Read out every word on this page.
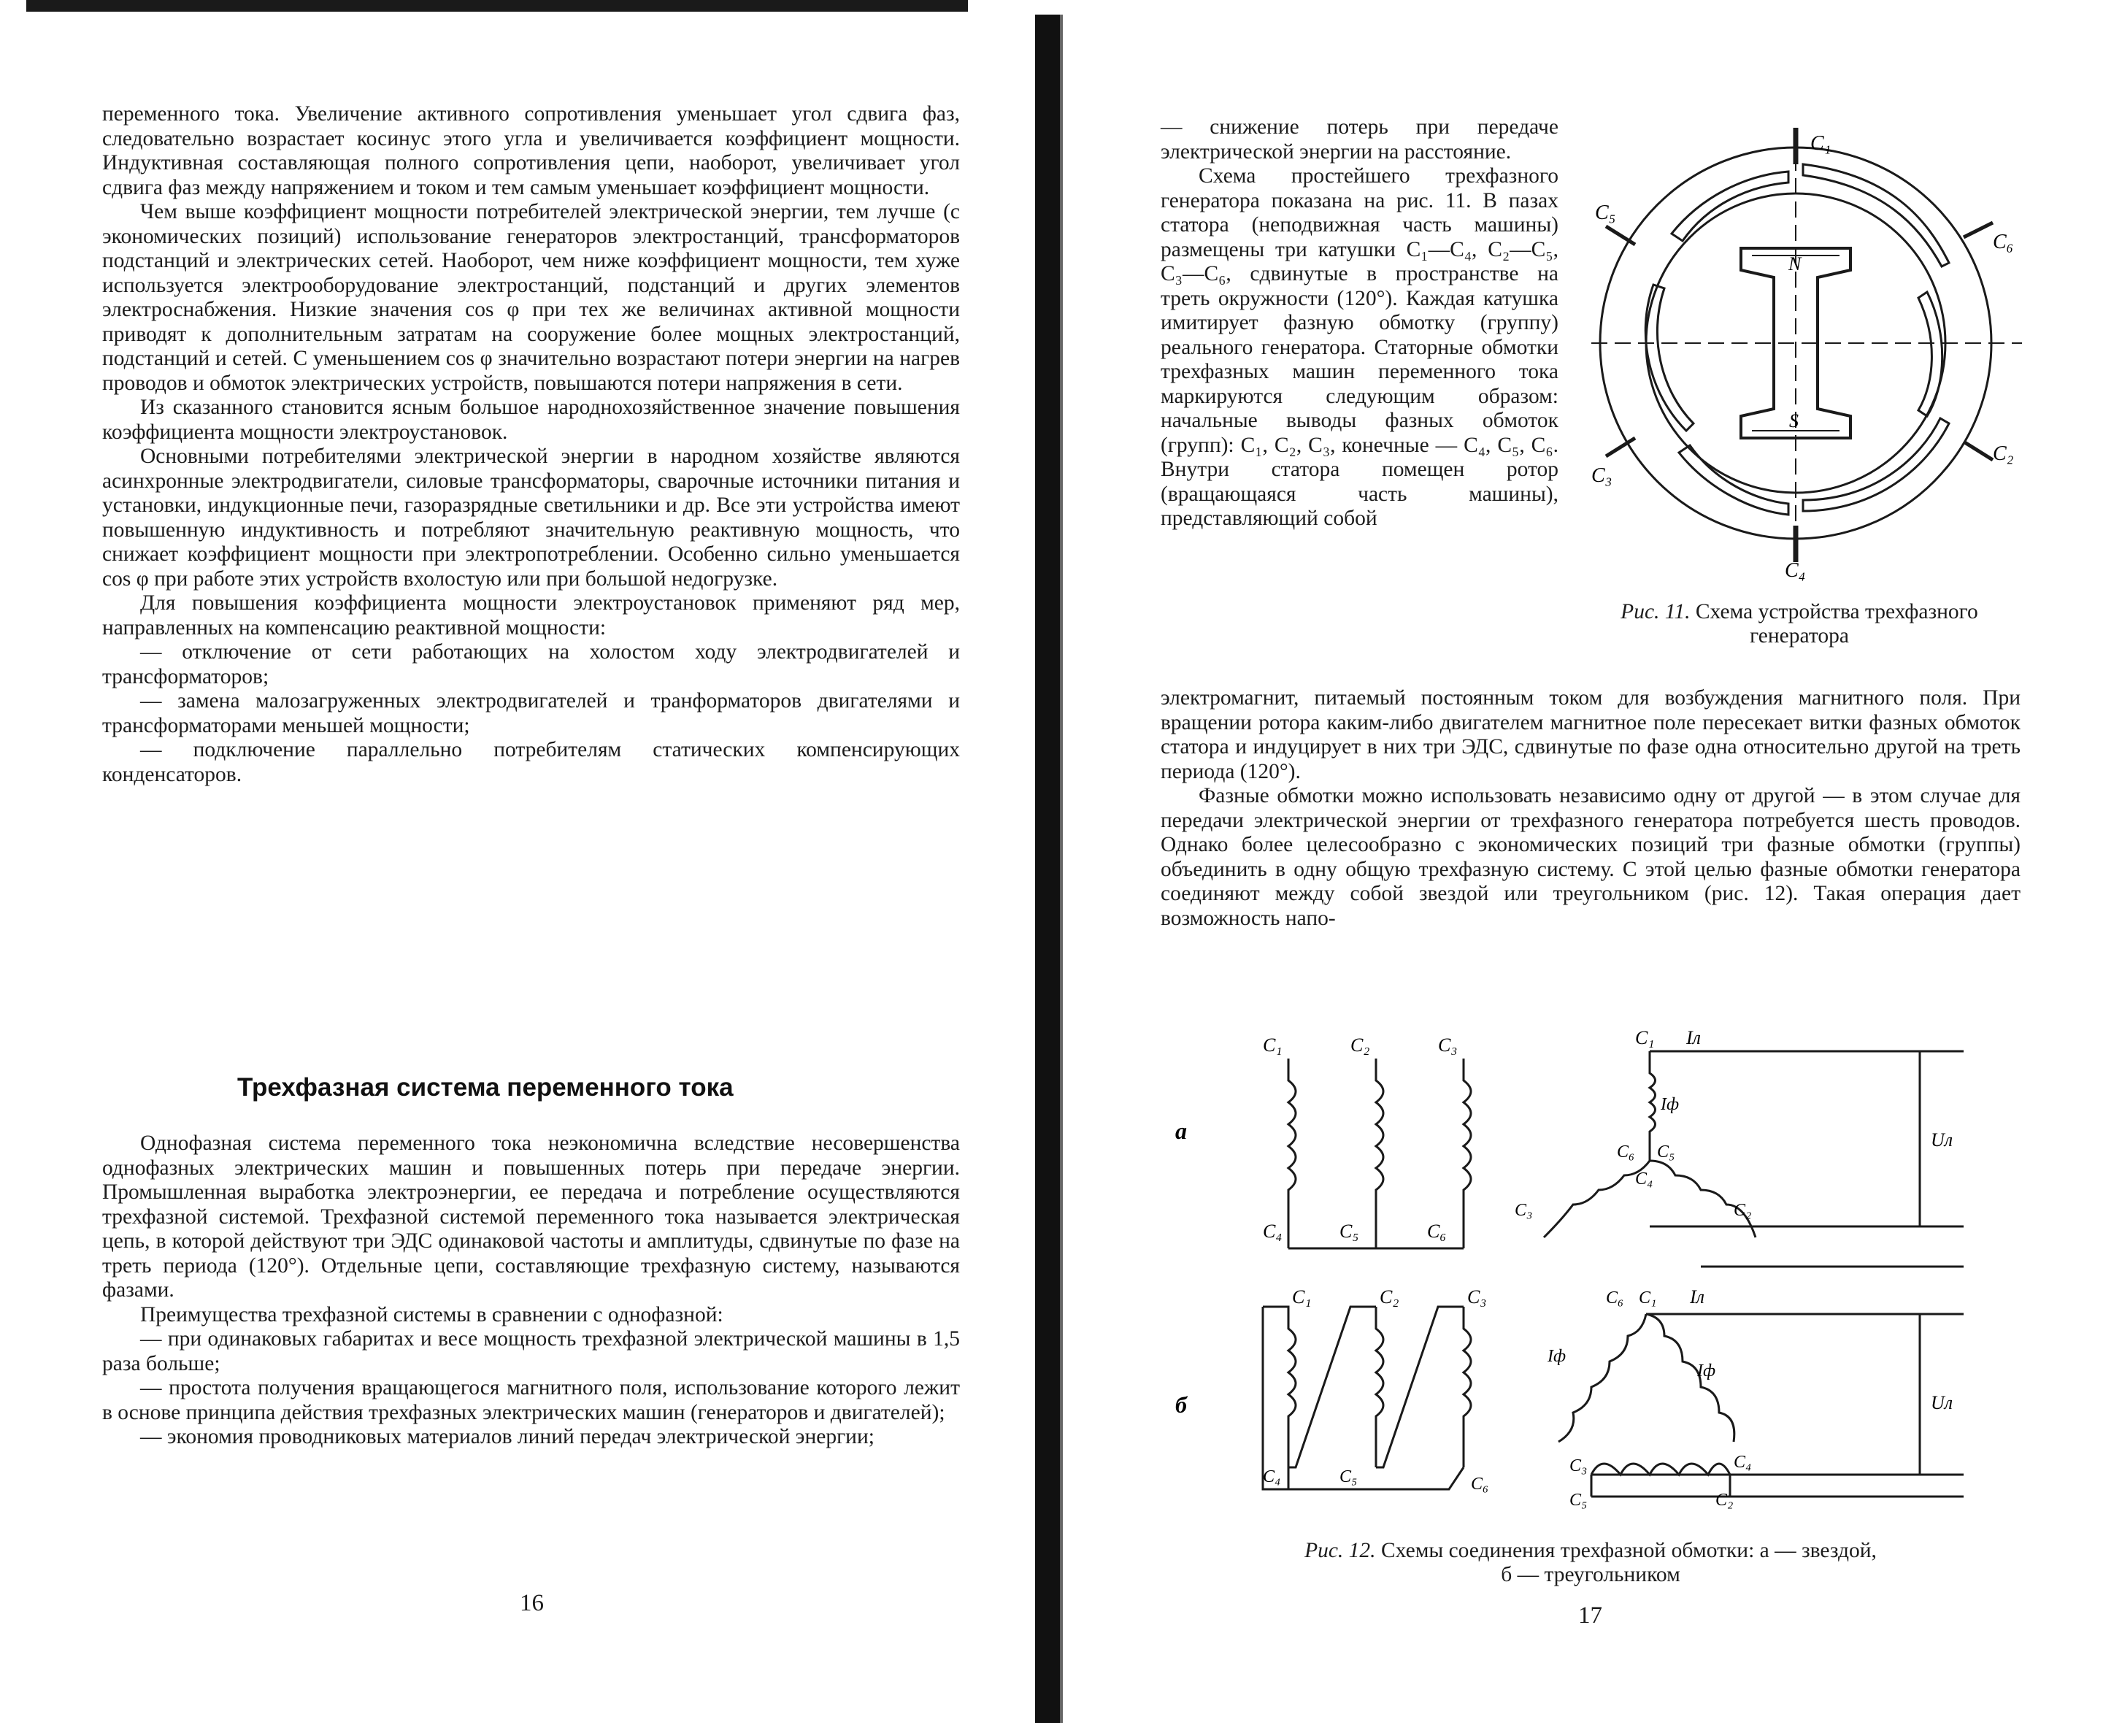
переменного тока. Увеличение активного сопротивления уменьшает угол сдвига фаз, следовательно возрастает косинус этого угла и увеличивается коэффициент мощности. Индуктивная составляющая полного сопротивления цепи, наоборот, увеличивает угол сдвига фаз между напряжением и током и тем самым уменьшает коэффициент мощности.

Чем выше коэффициент мощности потребителей электрической энергии, тем лучше (с экономических позиций) использование генераторов электростанций, трансформаторов подстанций и электрических сетей. Наоборот, чем ниже коэффициент мощности, тем хуже используется электрооборудование электростанций, подстанций и других элементов электроснабжения. Низкие значения cos φ при тех же величинах активной мощности приводят к дополнительным затратам на сооружение более мощных электростанций, подстанций и сетей. С уменьшением cos φ значительно возрастают потери энергии на нагрев проводов и обмоток электрических устройств, повышаются потери напряжения в сети.

Из сказанного становится ясным большое народнохозяйственное значение повышения коэффициента мощности электроустановок.

Основными потребителями электрической энергии в народном хозяйстве являются асинхронные электродвигатели, силовые трансформаторы, сварочные источники питания и установки, индукционные печи, газоразрядные светильники и др. Все эти устройства имеют повышенную индуктивность и потребляют значительную реактивную мощность, что снижает коэффициент мощности при электропотреблении. Особенно сильно уменьшается cos φ при работе этих устройств вхолостую или при большой недогрузке.

Для повышения коэффициента мощности электроустановок применяют ряд мер, направленных на компенсацию реактивной мощности:

— отключение от сети работающих на холостом ходу электродвигателей и трансформаторов;

— замена малозагруженных электродвигателей и транформаторов двигателями и трансформаторами меньшей мощности;

— подключение параллельно потребителям статических компенсирующих конденсаторов.

Трехфазная система переменного тока

Однофазная система переменного тока неэкономична вследствие несовершенства однофазных электрических машин и повышенных потерь при передаче энергии. Промышленная выработка электроэнергии, ее передача и потребление осуществляются трехфазной системой. Трехфазной системой переменного тока называется электрическая цепь, в которой действуют три ЭДС одинаковой частоты и амплитуды, сдвинутые по фазе на треть периода (120°). Отдельные цепи, составляющие трехфазную систему, называются фазами.

Преимущества трехфазной системы в сравнении с однофазной:

— при одинаковых габаритах и весе мощность трехфазной электрической машины в 1,5 раза больше;

— простота получения вращающегося магнитного поля, использование которого лежит в основе принципа действия трехфазных электрических машин (генераторов и двигателей);

— экономия проводниковых материалов линий передач электрической энергии;

16

— снижение потерь при передаче электрической энергии на расстояние.

Схема простейшего трехфазного генератора показана на рис. 11. В пазах статора (неподвижная часть машины) размещены три катушки C₁—C₄, C₂—C₅, C₃—C₆, сдвинутые в пространстве на треть окружности (120°). Каждая катушка имитирует фазную обмотку (группу) реального генератора. Статорные обмотки трехфазных машин переменного тока маркируются следующим образом: начальные выводы фазных обмоток (групп): C₁, C₂, C₃, конечные — C₄, C₅, C₆. Внутри статора помещен ротор (вращающаяся часть машины), представляющий собой

C₁
C₄
C₅
C₆
C₃
C₂
N
S
Рис. 11. Схема устройства трехфазного генератора

электромагнит, питаемый постоянным током для возбуждения магнитного поля. При вращении ротора каким-либо двигателем магнитное поле пересекает витки фазных обмоток статора и индуцирует в них три ЭДС, сдвинутые по фазе одна относительно другой на треть периода (120°).

Фазные обмотки можно использовать независимо одну от другой — в этом случае для передачи электрической энергии от трехфазного генератора потребуется шесть проводов. Однако более целесообразно с экономических позиций три фазные обмотки (группы) объединить в одну общую трехфазную систему. С этой целью фазные обмотки генератора соединяют между собой звездой или треугольником (рис. 12). Такая операция дает возможность напо-

а
б
C₁	C₂	C₃
C₄	C₅	C₆
C₁ Iл
Iф
Uл
C₆ C₅
C₄
C₃	C₂
C₁	C₂	C₃
C₄	C₅	C₆
C₆ C₁ Iл
Iф
Iф
Uл
C₃
C₅
C₄
C₂
Рис. 12. Схемы соединения трехфазной обмотки: а — звездой,
б — треугольником
17
